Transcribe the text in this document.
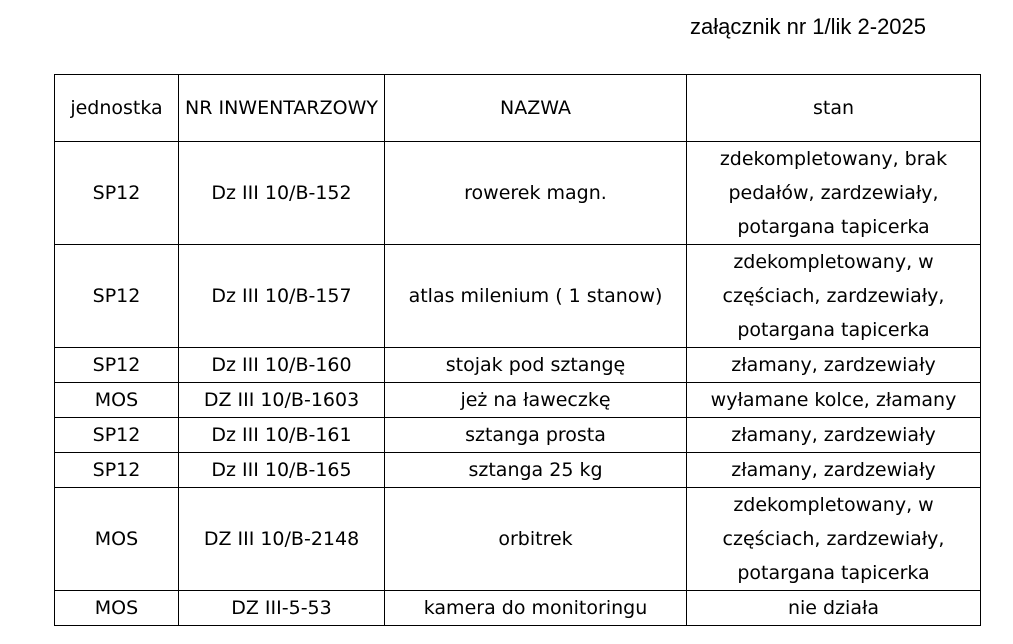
załącznik nr 1/lik 2-2025
jednostka	NR INWENTARZOWY	NAZWA	stan
SP12	Dz III 10/B-152	rowerek magn.	zdekompletowany, brak pedałów, zardzewiały, potargana tapicerka
SP12	Dz III 10/B-157	atlas milenium ( 1 stanow)	zdekompletowany, w częściach, zardzewiały, potargana tapicerka
SP12	Dz III 10/B-160	stojak pod sztangę	złamany, zardzewiały
MOS	DZ III 10/B-1603	jeż na ławeczkę	wyłamane kolce, złamany
SP12	Dz III 10/B-161	sztanga prosta	złamany, zardzewiały
SP12	Dz III 10/B-165	sztanga 25 kg	złamany, zardzewiały
MOS	DZ III 10/B-2148	orbitrek	zdekompletowany, w częściach, zardzewiały, potargana tapicerka
MOS	DZ III-5-53	kamera do monitoringu	nie działa
